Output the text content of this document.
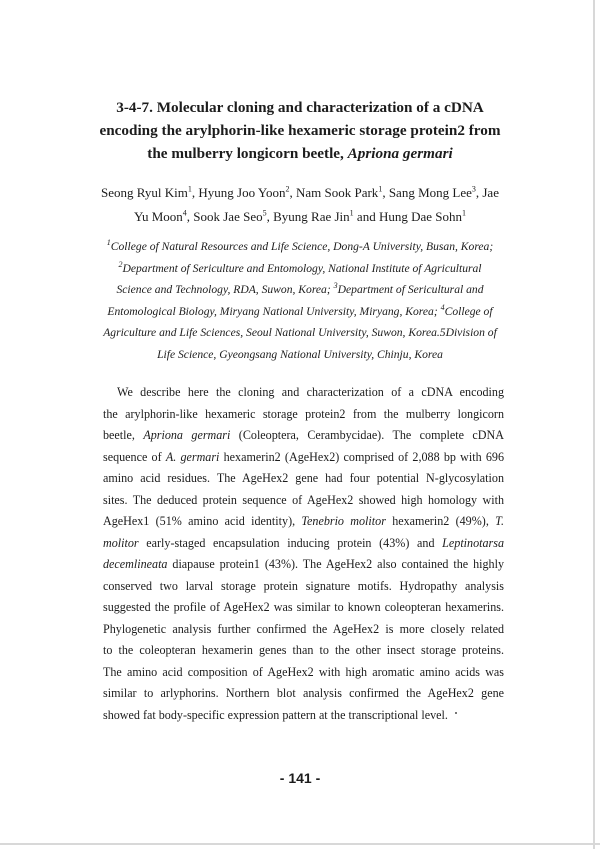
3-4-7. Molecular cloning and characterization of a cDNA
encoding the arylphorin-like hexameric storage protein2 from
the mulberry longicorn beetle, Apriona germari
Seong Ryul Kim$^1$, Hyung Joo Yoon$^2$, Nam Sook Park$^1$, Sang Mong Lee$^3$, Jae
Yu Moon$^4$, Sook Jae Seo$^5$, Byung Rae Jin$^1$ and Hung Dae Sohn$^1$
$^1$College of Natural Resources and Life Science, Dong-A University, Busan, Korea;
$^2$Department of Sericulture and Entomology, National Institute of Agricultural
Science and Technology, RDA, Suwon, Korea; $^3$Department of Sericultural and
Entomological Biology, Miryang National University, Miryang, Korea; $^4$College of
Agriculture and Life Sciences, Seoul National University, Suwon, Korea.5Division of
Life Science, Gyeongsang National University, Chinju, Korea
We describe here the cloning and characterization of a cDNA encoding
the arylphorin-like hexameric storage protein2 from the mulberry longicorn
beetle, Apriona germari (Coleoptera, Cerambycidae). The complete cDNA
sequence of A. germari hexamerin2 (AgeHex2) comprised of 2,088 bp with 696
amino acid residues. The AgeHex2 gene had four potential N-glycosylation
sites. The deduced protein sequence of AgeHex2 showed high homology with
AgeHex1 (51% amino acid identity), Tenebrio molitor hexamerin2 (49%), T.
molitor early-staged encapsulation inducing protein (43%) and Leptinotarsa
decemlineata diapause protein1 (43%). The AgeHex2 also contained the highly
conserved two larval storage protein signature motifs. Hydropathy analysis
suggested the profile of AgeHex2 was similar to known coleopteran hexamerins.
Phylogenetic analysis further confirmed the AgeHex2 is more closely related
to the coleopteran hexamerin genes than to the other insect storage proteins.
The amino acid composition of AgeHex2 with high aromatic amino acids was
similar to arlyphorins. Northern blot analysis confirmed the AgeHex2 gene
showed fat body-specific expression pattern at the transcriptional level.
- 141 -
